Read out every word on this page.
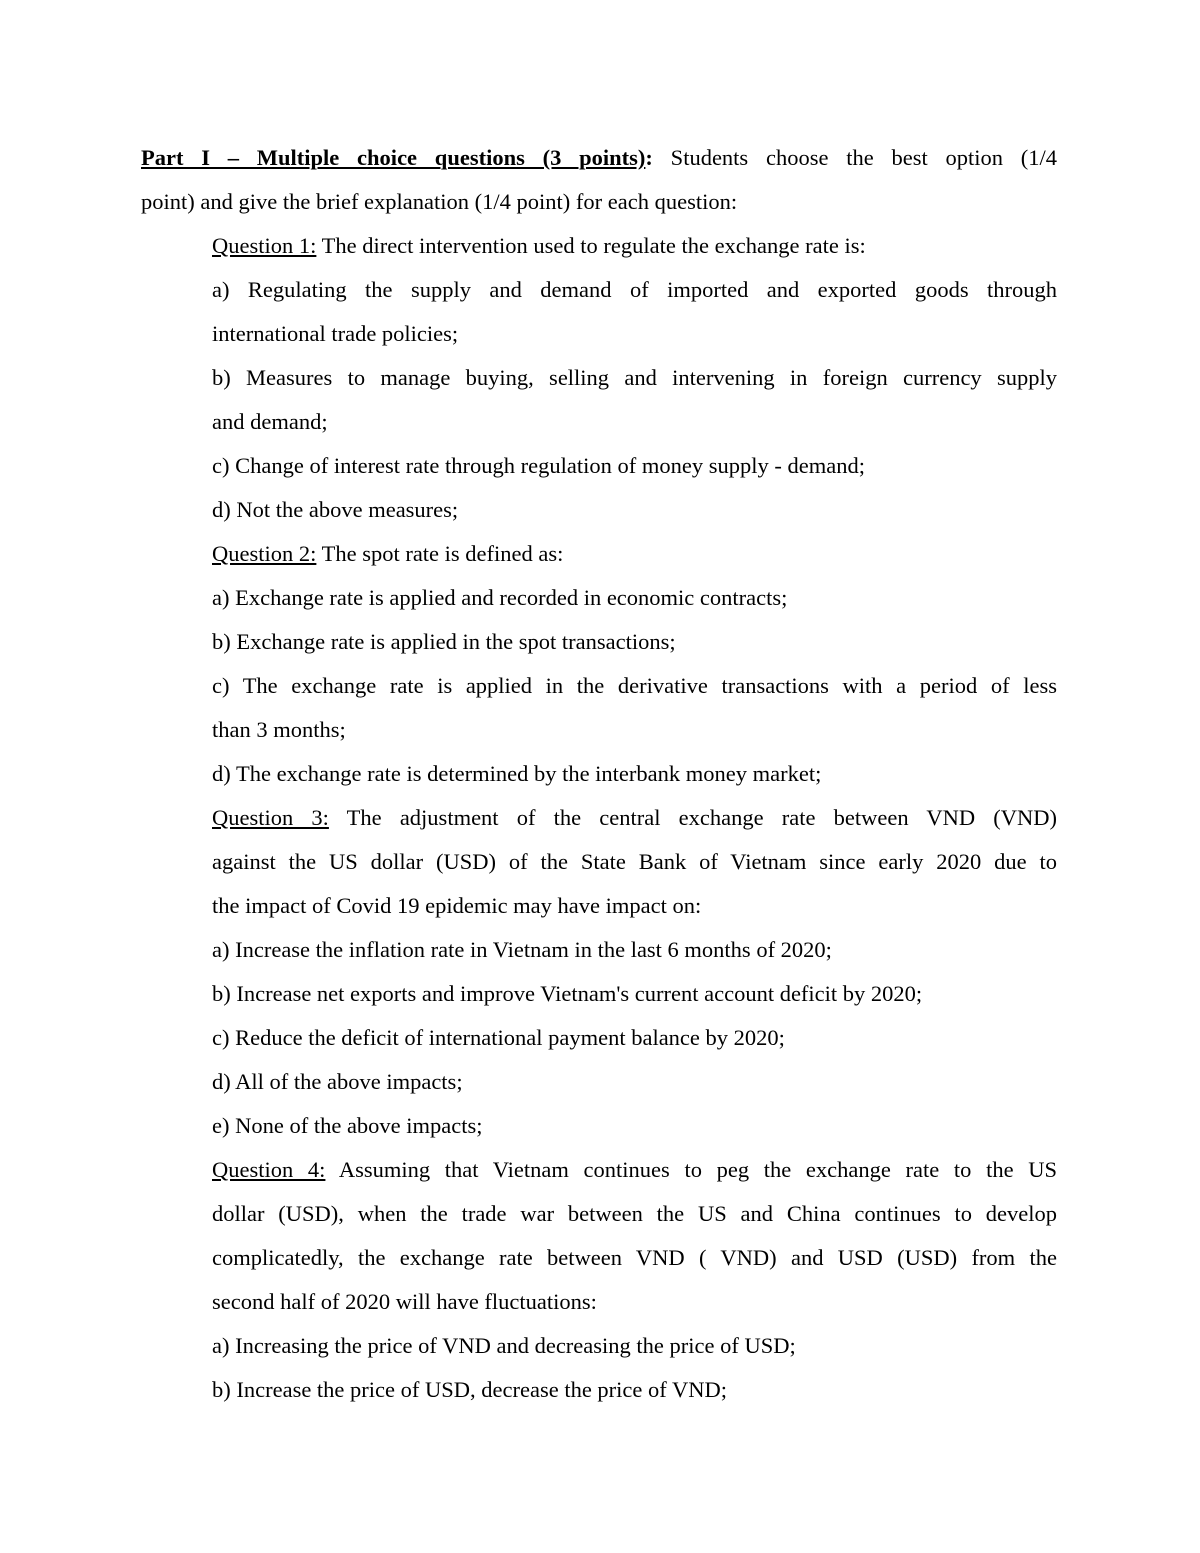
Part I – Multiple choice questions (3 points): Students choose the best option (1/4
point) and give the brief explanation (1/4 point) for each question:
Question 1: The direct intervention used to regulate the exchange rate is:
a) Regulating the supply and demand of imported and exported goods through
international trade policies;
b) Measures to manage buying, selling and intervening in foreign currency supply
and demand;
c) Change of interest rate through regulation of money supply - demand;
d) Not the above measures;
Question 2: The spot rate is defined as:
a) Exchange rate is applied and recorded in economic contracts;
b) Exchange rate is applied in the spot transactions;
c) The exchange rate is applied in the derivative transactions with a period of less
than 3 months;
d) The exchange rate is determined by the interbank money market;
Question 3: The adjustment of the central exchange rate between VND (VND)
against the US dollar (USD) of the State Bank of Vietnam since early 2020 due to
the impact of Covid 19 epidemic may have impact on:
a) Increase the inflation rate in Vietnam in the last 6 months of 2020;
b) Increase net exports and improve Vietnam's current account deficit by 2020;
c) Reduce the deficit of international payment balance by 2020;
d) All of the above impacts;
e) None of the above impacts;
Question 4: Assuming that Vietnam continues to peg the exchange rate to the US
dollar (USD), when the trade war between the US and China continues to develop
complicatedly, the exchange rate between VND ( VND) and USD (USD) from the
second half of 2020 will have fluctuations:
a) Increasing the price of VND and decreasing the price of USD;
b) Increase the price of USD, decrease the price of VND;
